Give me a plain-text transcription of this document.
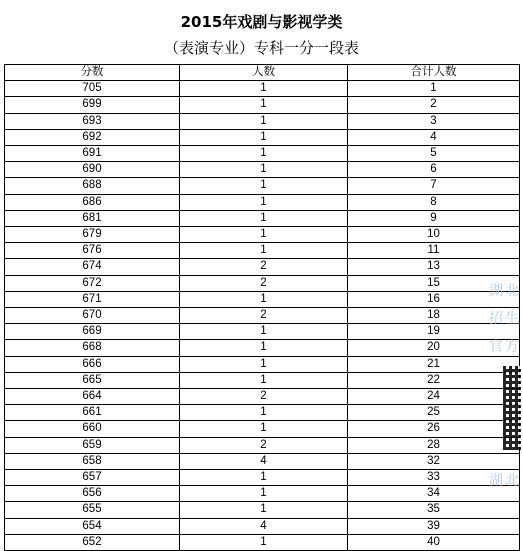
2015年戏剧与影视学类
（表演专业）专科一分一段表
分数	人数	合计人数
705	1	1
699	1	2
693	1	3
692	1	4
691	1	5
690	1	6
688	1	7
686	1	8
681	1	9
679	1	10
676	1	11
674	2	13
672	2	15
671	1	16
670	2	18
669	1	19
668	1	20
666	1	21
665	1	22
664	2	24
661	1	25
660	1	26
659	2	28
658	4	32
657	1	33
656	1	34
655	1	35
654	4	39
652	1	40
湖北
招生
官方
湖北
